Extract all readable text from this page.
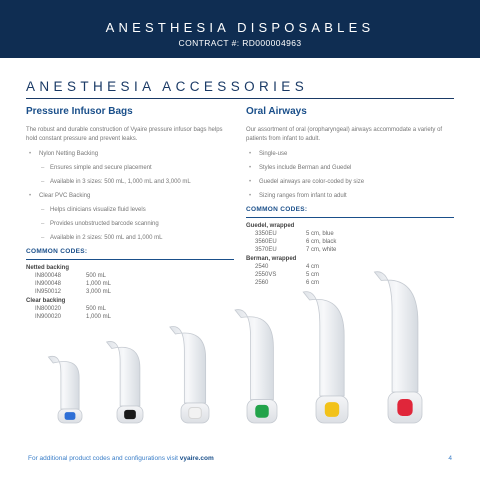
ANESTHESIA DISPOSABLES
CONTRACT #: RD000004963
ANESTHESIA ACCESSORIES
Pressure Infusor Bags

The robust and durable construction of Vyaire pressure infusor bags helps hold constant pressure and prevent leaks.

• Nylon Netting Backing
– Ensures simple and secure placement
– Available in 3 sizes: 500 mL, 1,000 mL and 3,000 mL
• Clear PVC Backing
– Helps clinicians visualize fluid levels
– Provides unobstructed barcode scanning
– Available in 2 sizes: 500 mL and 1,000 mL
COMMON CODES:
Netted backing
IN800048	500 mL
IN900048	1,000 mL
IN950012	3,000 mL
Clear backing
IN800020	500 mL
IN900020	1,000 mL
Oral Airways

Our assortment of oral (oropharyngeal) airways accommodate a variety of patients from infant to adult.

• Single-use
• Styles include Berman and Guedel
• Guedel airways are color-coded by size
• Sizing ranges from infant to adult
COMMON CODES:
Guedel, wrapped
3350EU	5 cm, blue
3560EU	6 cm, black
3570EU	7 cm, white
Berman, wrapped
2540	4 cm
2550VS	5 cm
2560	6 cm
For additional product codes and configurations visit vyaire.com	4
